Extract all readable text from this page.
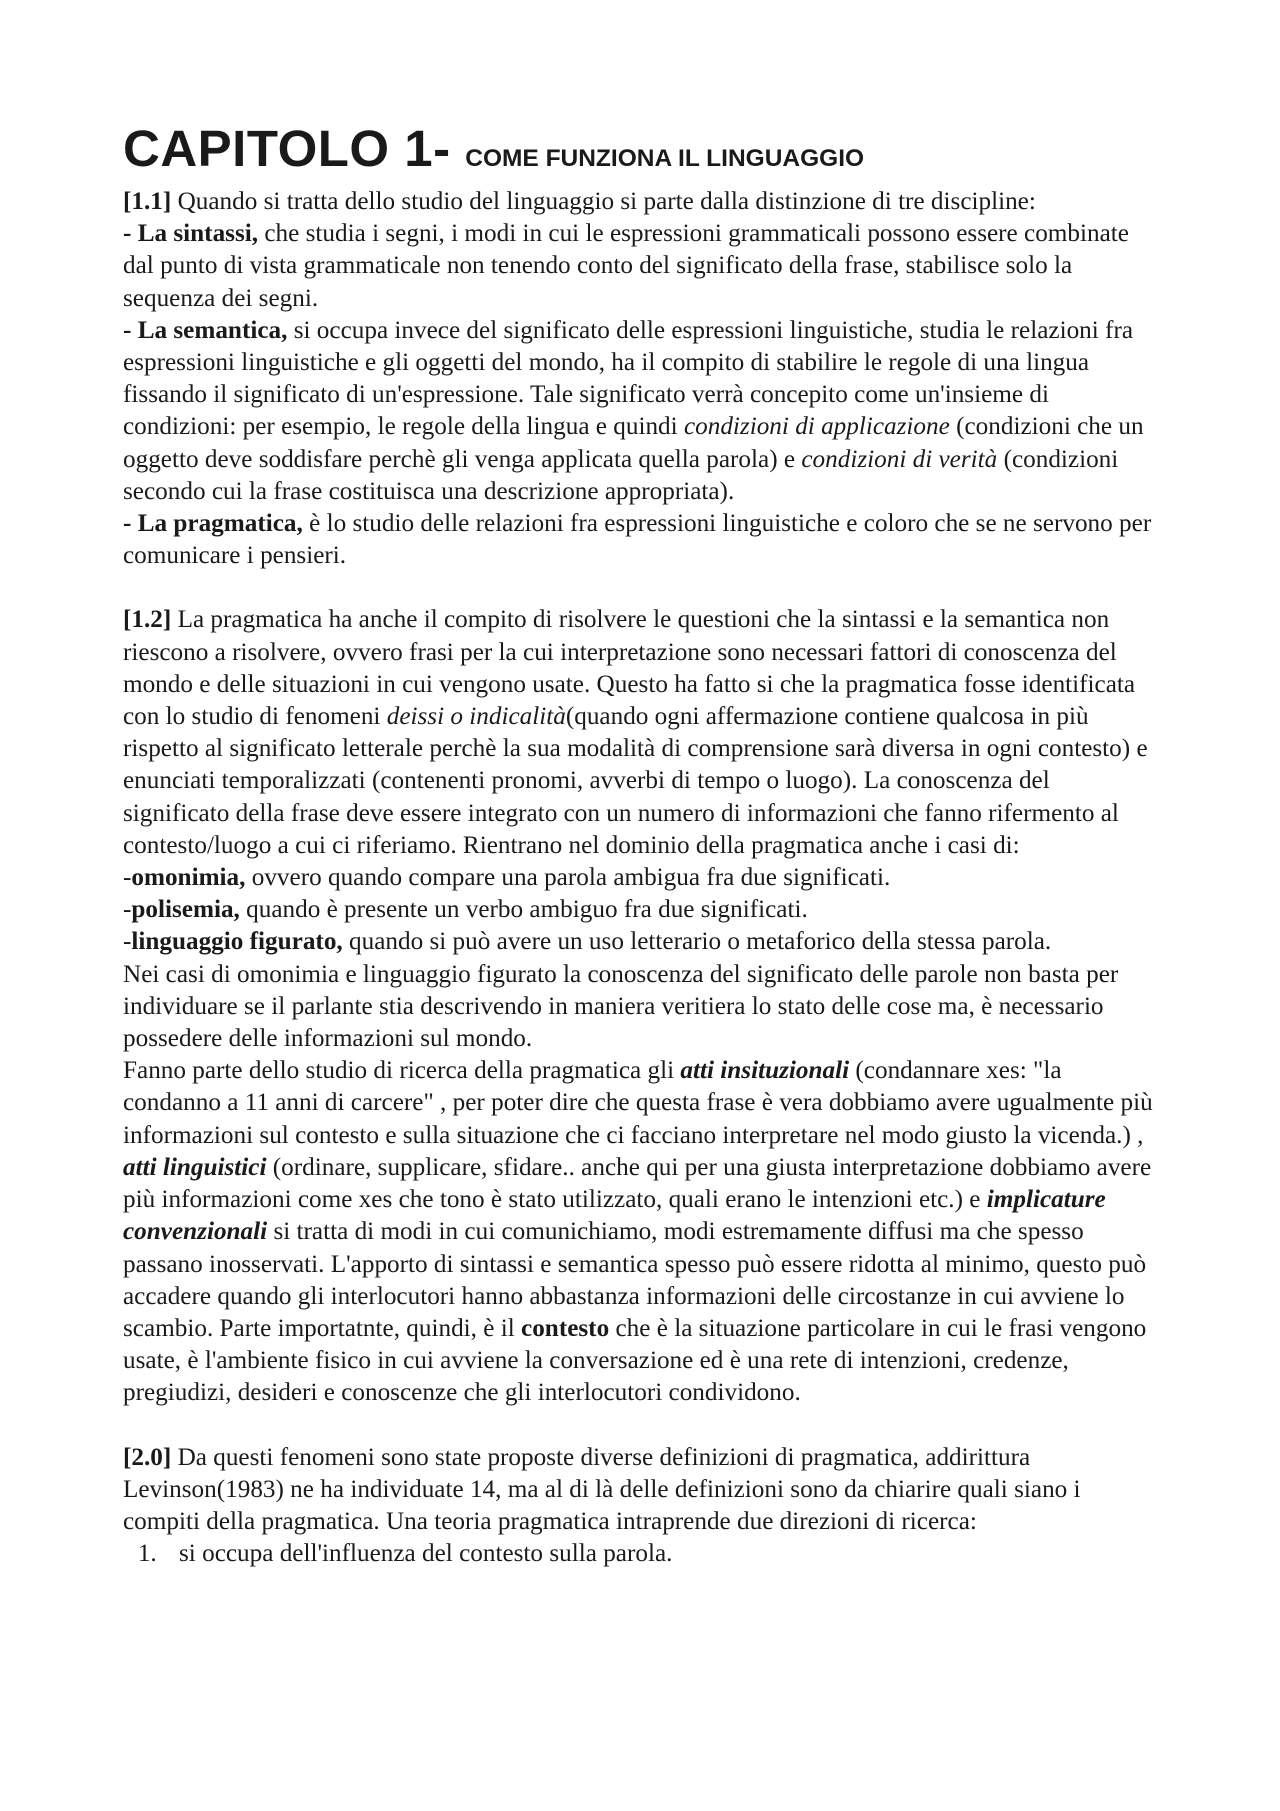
CAPITOLO 1- COME FUNZIONA IL LINGUAGGIO

[1.1] Quando si tratta dello studio del linguaggio si parte dalla distinzione di tre discipline:

- La sintassi, che studia i segni, i modi in cui le espressioni grammaticali possono essere combinate dal punto di vista grammaticale non tenendo conto del significato della frase, stabilisce solo la sequenza dei segni.

- La semantica, si occupa invece del significato delle espressioni linguistiche, studia le relazioni fra espressioni linguistiche e gli oggetti del mondo, ha il compito di stabilire le regole di una lingua fissando il significato di un'espressione. Tale significato verrà concepito come un'insieme di condizioni: per esempio, le regole della lingua e quindi condizioni di applicazione (condizioni che un oggetto deve soddisfare perchè gli venga applicata quella parola) e condizioni di verità (condizioni secondo cui la frase costituisca una descrizione appropriata).

- La pragmatica, è lo studio delle relazioni fra espressioni linguistiche e coloro che se ne servono per comunicare i pensieri.

[1.2] La pragmatica ha anche il compito di risolvere le questioni che la sintassi e la semantica non riescono a risolvere, ovvero frasi per la cui interpretazione sono necessari fattori di conoscenza del mondo e delle situazioni in cui vengono usate. Questo ha fatto si che la pragmatica fosse identificata con lo studio di fenomeni deissi o indicalità(quando ogni affermazione contiene qualcosa in più rispetto al significato letterale perchè la sua modalità di comprensione sarà diversa in ogni contesto) e enunciati temporalizzati (contenenti pronomi, avverbi di tempo o luogo). La conoscenza del significato della frase deve essere integrato con un numero di informazioni che fanno rifermento al contesto/luogo a cui ci riferiamo. Rientrano nel dominio della pragmatica anche i casi di:

-omonimia, ovvero quando compare una parola ambigua fra due significati.

-polisemia, quando è presente un verbo ambiguo fra due significati.

-linguaggio figurato, quando si può avere un uso letterario o metaforico della stessa parola.

Nei casi di omonimia e linguaggio figurato la conoscenza del significato delle parole non basta per individuare se il parlante stia descrivendo in maniera veritiera lo stato delle cose ma, è necessario possedere delle informazioni sul mondo.

Fanno parte dello studio di ricerca della pragmatica gli atti insituzionali (condannare xes: "la condanno a 11 anni di carcere" , per poter dire che questa frase è vera dobbiamo avere ugualmente più informazioni sul contesto e sulla situazione che ci facciano interpretare nel modo giusto la vicenda.) , atti linguistici (ordinare, supplicare, sfidare.. anche qui per una giusta interpretazione dobbiamo avere più informazioni come xes che tono è stato utilizzato, quali erano le intenzioni etc.) e implicature convenzionali si tratta di modi in cui comunichiamo, modi estremamente diffusi ma che spesso passano inosservati. L'apporto di sintassi e semantica spesso può essere ridotta al minimo, questo può accadere quando gli interlocutori hanno abbastanza informazioni delle circostanze in cui avviene lo scambio. Parte importatnte, quindi, è il contesto che è la situazione particolare in cui le frasi vengono usate, è l'ambiente fisico in cui avviene la conversazione ed è una rete di intenzioni, credenze, pregiudizi, desideri e conoscenze che gli interlocutori condividono.

[2.0] Da questi fenomeni sono state proposte diverse definizioni di pragmatica, addirittura Levinson(1983) ne ha individuate 14, ma al di là delle definizioni sono da chiarire quali siano i compiti della pragmatica. Una teoria pragmatica intraprende due direzioni di ricerca:

1. si occupa dell'influenza del contesto sulla parola.
